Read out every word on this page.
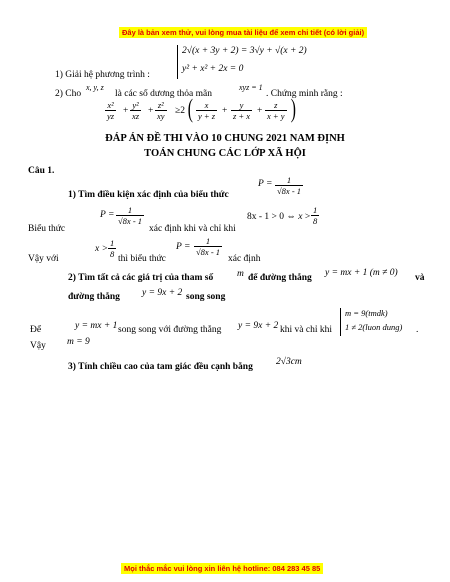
Đây là bản xem thử, vui lòng mua tài liệu để xem chi tiết (có lời giải)
1) Giải hệ phương trình :
2√(x + 3y + 2) = 3√y + √(x + 2)
y² + x² + 2x = 0
2) Cho
x, y, z
là các số dương thỏa mãn
xyz = 1
. Chứng minh rằng :
$\frac{\text{x²}}{yz} + \frac{\text{y²}}{xz} + \frac{\text{z²}}{xy} \ge 2$ ( $\frac{x}{y + z} + \frac{y}{z + x} + \frac{z}{x + y}$ )
ĐÁP ÁN ĐỀ THI VÀO 10 CHUNG 2021 NAM ĐỊNH
TOÁN CHUNG CÁC LỚP XÃ HỘI
Câu 1.
1) Tìm điều kiện xác định của biểu thức
$P = \frac{1}{√8x - 1}$
Biểu thức
$P = \frac{1}{√8x - 1}$
xác định khi và chỉ khi
8x - 1 > 0 ⇔ $x > \frac{1}{8}$
Vậy với
$x > \frac{1}{8}$ thì biểu thức
$P = \frac{1}{√8x - 1}$
xác định
2) Tìm tất cả các giá trị của tham số	m để đường thẳng y = mx + 1 (m ≠ 0) và
đường thẳng y = 9x + 2 song song
Để	y = mx + 1 song song với đường thẳng y = 9x + 2 khi và chỉ khi
m = 9(tmdk)
1 ≠ 2(luon dung) .
Vậy m = 9
3) Tính chiều cao của tam giác đều cạnh bằng 2√3cm
Mọi thắc mắc vui lòng xin liên hệ hotline: 084 283 45 85
